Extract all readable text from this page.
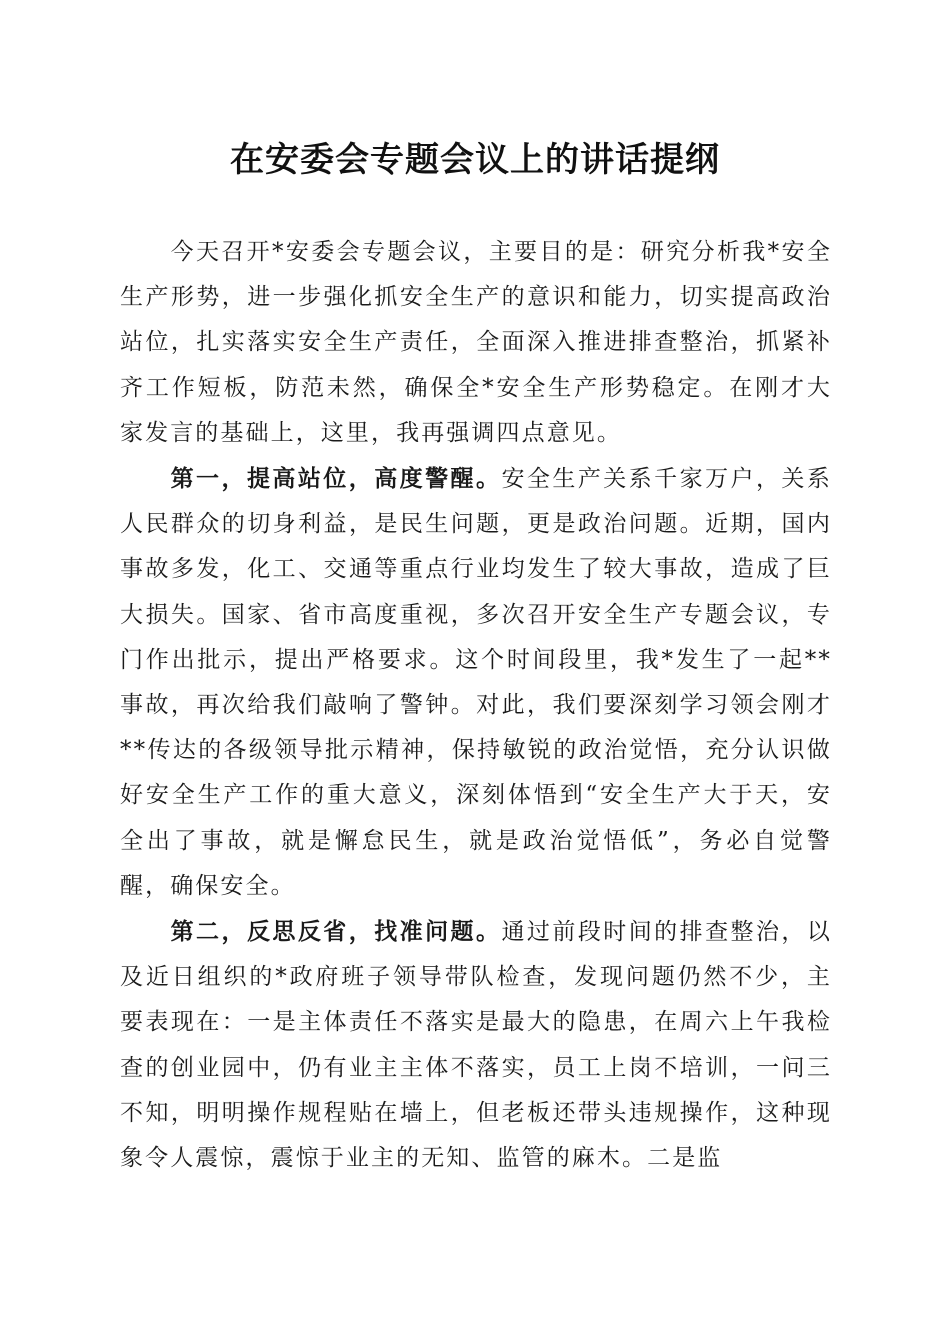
在安委会专题会议上的讲话提纲

今天召开*安委会专题会议，主要目的是：研究分析我*安全生产形势，进一步强化抓安全生产的意识和能力，切实提高政治站位，扎实落实安全生产责任，全面深入推进排查整治，抓紧补齐工作短板，防范未然，确保全*安全生产形势稳定。在刚才大家发言的基础上，这里，我再强调四点意见。

第一，提高站位，高度警醒。安全生产关系千家万户，关系人民群众的切身利益，是民生问题，更是政治问题。近期，国内事故多发，化工、交通等重点行业均发生了较大事故，造成了巨大损失。国家、省市高度重视，多次召开安全生产专题会议，专门作出批示，提出严格要求。这个时间段里，我*发生了一起**事故，再次给我们敲响了警钟。对此，我们要深刻学习领会刚才**传达的各级领导批示精神，保持敏锐的政治觉悟，充分认识做好安全生产工作的重大意义，深刻体悟到“安全生产大于天，安全出了事故，就是懈怠民生，就是政治觉悟低”，务必自觉警醒，确保安全。

第二，反思反省，找准问题。通过前段时间的排查整治，以及近日组织的*政府班子领导带队检查，发现问题仍然不少，主要表现在：一是主体责任不落实是最大的隐患，在周六上午我检查的创业园中，仍有业主主体不落实，员工上岗不培训，一问三不知，明明操作规程贴在墙上，但老板还带头违规操作，这种现象令人震惊，震惊于业主的无知、监管的麻木。二是监
